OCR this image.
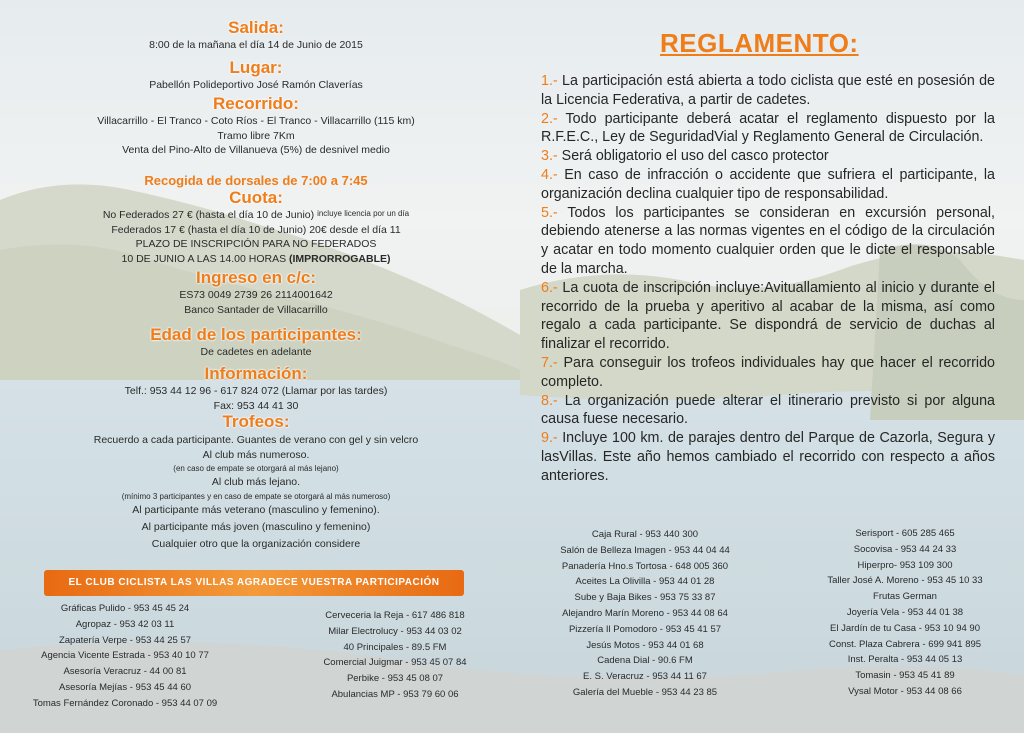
Salida:
8:00 de la mañana el día 14 de Junio de 2015
Lugar:
Pabellón Polideportivo José Ramón Claverías
Recorrido:
Villacarrillo - El Tranco - Coto Ríos - El Tranco - Villacarrillo (115 km)
Tramo libre 7Km
Venta del Pino-Alto de Villanueva (5%) de desnivel medio
Recogida de dorsales de 7:00 a 7:45
Cuota:
No Federados 27 € (hasta el día 10 de Junio) $^{incluye licencia por un día}$
Federados 17 € (hasta el día 10 de Junio) 20€ desde el día 11
PLAZO DE INSCRIPCIÓN PARA NO FEDERADOS
10 DE JUNIO A LAS 14.00 HORAS (IMPRORROGABLE)
Ingreso en c/c:
ES73 0049 2739 26 2114001642
Banco Santader de Villacarrillo
Edad de los participantes:
De cadetes en adelante
Información:
Telf.: 953 44 12 96 - 617 824 072 (Llamar por las tardes)
Fax: 953 44 41 30
Trofeos:
Recuerdo a cada participante. Guantes de verano con gel y sin velcro
Al club más numeroso.
(en caso de empate se otorgará al más lejano)
Al club más lejano.
(mínimo 3 participantes y en caso de empate se otorgará al más numeroso)
Al participante más veterano (masculino y femenino).
Al participante más joven (masculino y femenino)
Cualquier otro que la organización considere
EL CLUB CICLISTA LAS VILLAS AGRADECE VUESTRA PARTICIPACIÓN
Gráficas Pulido - 953 45 45 24
Agropaz - 953 42 03 11
Zapatería Verpe - 953 44 25 57
Agencia Vicente Estrada - 953 40 10 77
Asesoría Veracruz - 44 00 81
Asesoría Mejías - 953 45 44 60
Tomas Fernández Coronado - 953 44 07 09
Cerveceria la Reja - 617 486 818
Milar Electrolucy - 953 44 03 02
40 Principales - 89.5 FM
Comercial Juigmar - 953 45 07 84
Perbike - 953 45 08 07
Abulancias MP - 953 79 60 06
REGLAMENTO:
1.- La participación está abierta a todo ciclista que esté en posesión de la Licencia Federativa, a partir de cadetes.
2.- Todo participante deberá acatar el reglamento dispuesto por la R.F.E.C., Ley de SeguridadVial y Reglamento General de Circulación.
3.- Será obligatorio el uso del casco protector
4.- En caso de infracción o accidente que sufriera el participante, la organización declina cualquier tipo de responsabilidad.
5.- Todos los participantes se consideran en excursión personal, debiendo atenerse a las normas vigentes en el código de la circulación y acatar en todo momento cualquier orden que le dicte el responsable de la marcha.
6.- La cuota de inscripción incluye:Avituallamiento al inicio y durante el recorrido de la prueba y aperitivo al acabar de la misma, así como regalo a cada participante. Se dispondrá de servicio de duchas al finalizar el recorrido.
7.- Para conseguir los trofeos individuales hay que hacer el recorrido completo.
8.- La organización puede alterar el itinerario previsto si por alguna causa fuese necesario.
9.- Incluye 100 km. de parajes dentro del Parque de Cazorla, Segura y lasVillas. Este año hemos cambiado el recorrido con respecto a años anteriores.
Caja Rural - 953 440 300
Salón de Belleza Imagen - 953 44 04 44
Panadería Hno.s Tortosa - 648 005 360
Aceites La Olivilla - 953 44 01 28
Sube y Baja Bikes - 953 75 33 87
Alejandro Marín Moreno - 953 44 08 64
Pizzería Il Pomodoro - 953 45 41 57
Jesús Motos - 953 44 01 68
Cadena Dial - 90.6 FM
E. S. Veracruz - 953 44 11 67
Galería del Mueble - 953 44 23 85
Serisport - 605 285 465
Socovisa - 953 44 24 33
Hiperpro- 953 109 300
Taller José A. Moreno - 953 45 10 33
Frutas German
Joyería Vela - 953 44 01 38
El Jardín de tu Casa - 953 10 94 90
Const. Plaza Cabrera - 699 941 895
Inst. Peralta - 953 44 05 13
Tomasin - 953 45 41 89
Vysal Motor - 953 44 08 66
